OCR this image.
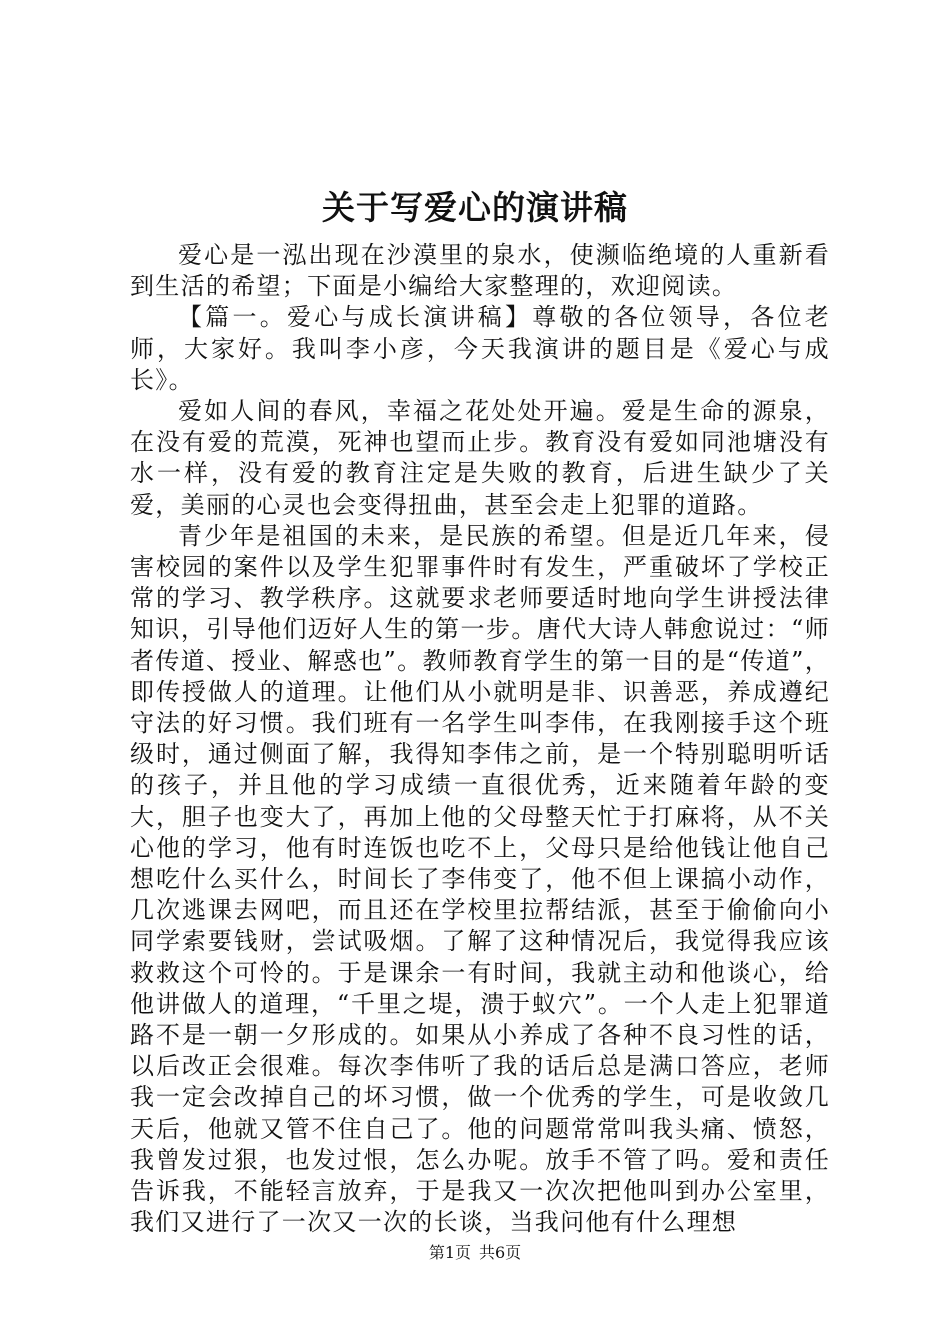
关于写爱心的演讲稿

爱心是一泓出现在沙漠里的泉水，使濒临绝境的人重新看到生活的希望；下面是小编给大家整理的，欢迎阅读。

【篇一。爱心与成长演讲稿】尊敬的各位领导，各位老师，大家好。我叫李小彦，今天我演讲的题目是《爱心与成长》。

爱如人间的春风，幸福之花处处开遍。爱是生命的源泉，在没有爱的荒漠，死神也望而止步。教育没有爱如同池塘没有水一样，没有爱的教育注定是失败的教育，后进生缺少了关爱，美丽的心灵也会变得扭曲，甚至会走上犯罪的道路。

青少年是祖国的未来，是民族的希望。但是近几年来，侵害校园的案件以及学生犯罪事件时有发生，严重破坏了学校正常的学习、教学秩序。这就要求老师要适时地向学生讲授法律知识，引导他们迈好人生的第一步。唐代大诗人韩愈说过：“师者传道、授业、解惑也”。教师教育学生的第一目的是“传道”，即传授做人的道理。让他们从小就明是非、识善恶，养成遵纪守法的好习惯。我们班有一名学生叫李伟，在我刚接手这个班级时，通过侧面了解，我得知李伟之前，是一个特别聪明听话的孩子，并且他的学习成绩一直很优秀，近来随着年龄的变大，胆子也变大了，再加上他的父母整天忙于打麻将，从不关心他的学习，他有时连饭也吃不上，父母只是给他钱让他自己想吃什么买什么，时间长了李伟变了，他不但上课搞小动作，几次逃课去网吧，而且还在学校里拉帮结派，甚至于偷偷向小同学索要钱财，尝试吸烟。了解了这种情况后，我觉得我应该救救这个可怜的。于是课余一有时间，我就主动和他谈心，给他讲做人的道理，“千里之堤，溃于蚁穴”。一个人走上犯罪道路不是一朝一夕形成的。如果从小养成了各种不良习性的话，以后改正会很难。每次李伟听了我的话后总是满口答应，老师我一定会改掉自己的坏习惯，做一个优秀的学生，可是收敛几天后，他就又管不住自己了。他的问题常常叫我头痛、愤怒，我曾发过狠，也发过恨，怎么办呢。放手不管了吗。爱和责任告诉我，不能轻言放弃，于是我又一次次把他叫到办公室里，我们又进行了一次又一次的长谈，当我问他有什么理想

第1页 共6页
